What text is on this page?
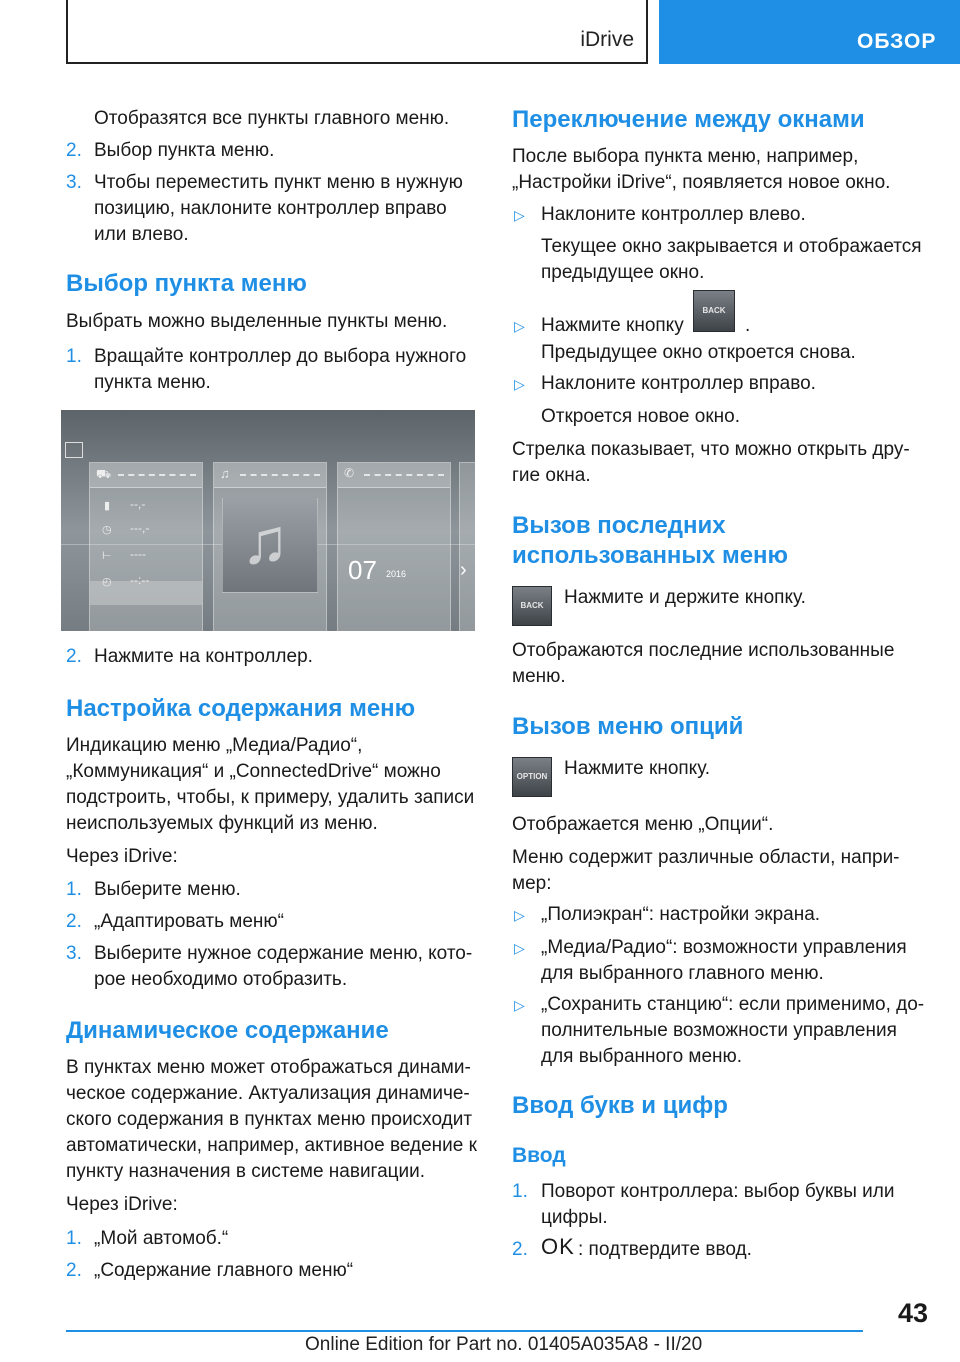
iDrive	ОБЗОР
Отобразятся все пункты главного меню.
2. Выбор пункта меню.
3. Чтобы переместить пункт меню в нужную
позицию, наклоните контроллер вправо
или влево.
Выбор пункта меню
Выбрать можно выделенные пункты меню.
1. Вращайте контроллер до выбора нужного
пункта меню.
⛟
▮ --,-
◷ ---,-
⊢ ----
◴ --:--
♫
♫
✆
07 2016	›
2. Нажмите на контроллер.
Настройка содержания меню
Индикацию меню „Медиа/Радио“,
„Коммуникация“ и „ConnectedDrive“ можно
подстроить, чтобы, к примеру, удалить записи
неиспользуемых функций из меню.
Через iDrive:
1. Выберите меню.
2. „Адаптировать меню“
3. Выберите нужное содержание меню, кото-
рое необходимо отобразить.
Динамическое содержание
В пунктах меню может отображаться динами-
ческое содержание. Актуализация динамиче-
ского содержания в пунктах меню происходит
автоматически, например, активное ведение к
пункту назначения в системе навигации.
Через iDrive:
1. „Мой автомоб.“
2. „Содержание главного меню“
Переключение между окнами
После выбора пункта меню, например,
„Настройки iDrive“, появляется новое окно.
▷ Наклоните контроллер влево.
Текущее окно закрывается и отображается
предыдущее окно.
▷ Нажмите кнопку
BACK
.
Предыдущее окно откроется снова.
▷ Наклоните контроллер вправо.
Откроется новое окно.
Стрелка показывает, что можно открыть дру-
гие окна.
Вызов последних
использованных меню
BACK	Нажмите и держите кнопку.
Отображаются последние использованные
меню.
Вызов меню опций
OPTION Нажмите кнопку.
Отображается меню „Опции“.
Меню содержит различные области, напри-
мер:
▷ „Полиэкран“: настройки экрана.
▷ „Медиа/Радио“: возможности управления
для выбранного главного меню.
▷ „Сохранить станцию“: если применимо, до-
полнительные возможности управления
для выбранного меню.
Ввод букв и цифр
Ввод
1. Поворот контроллера: выбор буквы или
цифры.
2. OK : подтвердите ввод.
43
Online Edition for Part no. 01405A035A8 - II/20
